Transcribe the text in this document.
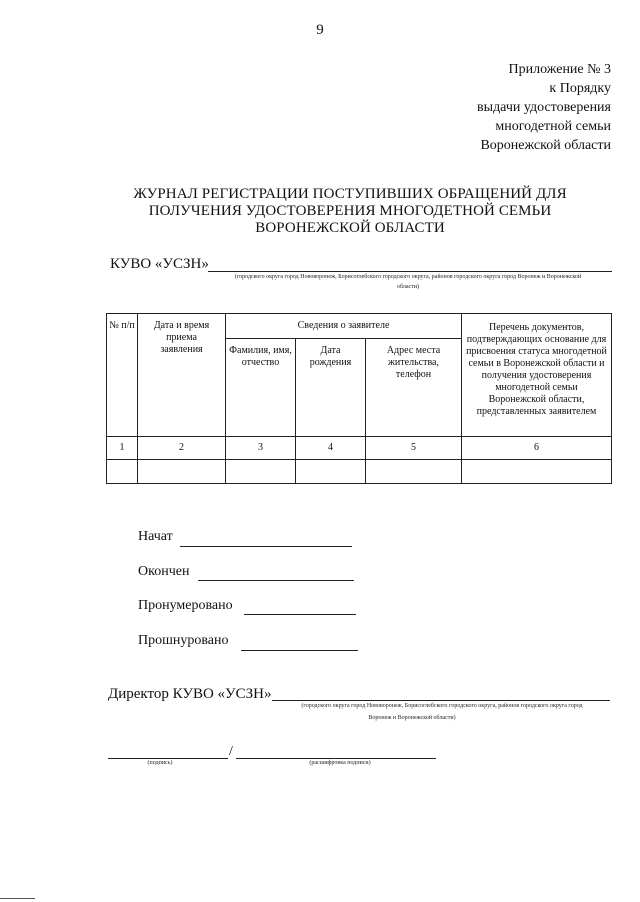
9
Приложение № 3
к Порядку
выдачи удостоверения
многодетной семьи
Воронежской области
ЖУРНАЛ РЕГИСТРАЦИИ ПОСТУПИВШИХ ОБРАЩЕНИЙ ДЛЯ
ПОЛУЧЕНИЯ УДОСТОВЕРЕНИЯ МНОГОДЕТНОЙ СЕМЬИ
ВОРОНЕЖСКОЙ ОБЛАСТИ
КУВО «УСЗН»
(городского округа город Нововоронеж, Борисоглебского городского округа, районов городского округа город Воронеж и Воронежской
области)
№ п/п	Дата и время приема заявления	Сведения о заявителе			Перечень документов, подтверждающих основание для присвоения статуса многодетной семьи в Воронежской области и получения удостоверения многодетной семьи Воронежской области, представленных заявителем
		Фамилия, имя, отчество	Дата рождения	Адрес места жительства, телефон	
1	2	3	4	5	6

Начат
Окончен
Пронумеровано
Прошнуровано
Директор КУВО «УСЗН»
(городского округа город Нововоронеж, Борисоглебского городского округа, районов городского округа город
Воронеж и Воронежской области)
/
(подпись)	(расшифровка подписи)
